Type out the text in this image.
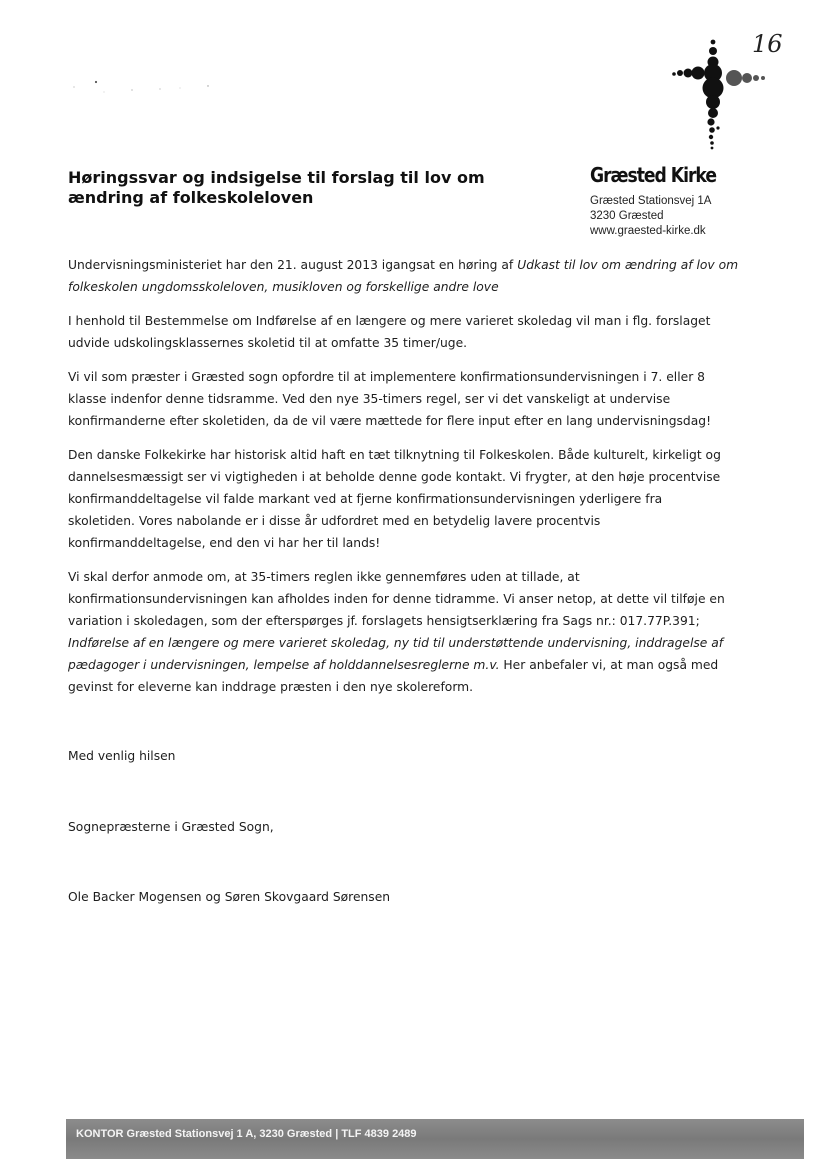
16
Høringssvar og indsigelse til forslag til lov om
ændring af folkeskoleloven
Græsted Kirke
Græsted Stationsvej 1A
3230 Græsted
www.graested-kirke.dk

Undervisningsministeriet har den 21. august 2013 igangsat en høring af Udkast til lov om ændring af lov om
folkeskolen ungdomsskoleloven, musikloven og forskellige andre love

I henhold til Bestemmelse om Indførelse af en længere og mere varieret skoledag vil man i flg. forslaget
udvide udskolingsklassernes skoletid til at omfatte 35 timer/uge.

Vi vil som præster i Græsted sogn opfordre til at implementere konfirmationsundervisningen i 7. eller 8
klasse indenfor denne tidsramme. Ved den nye 35-timers regel, ser vi det vanskeligt at undervise
konfirmanderne efter skoletiden, da de vil være mættede for flere input efter en lang undervisningsdag!

Den danske Folkekirke har historisk altid haft en tæt tilknytning til Folkeskolen. Både kulturelt, kirkeligt og
dannelsesmæssigt ser vi vigtigheden i at beholde denne gode kontakt. Vi frygter, at den høje procentvise
konfirmanddeltagelse vil falde markant ved at fjerne konfirmationsundervisningen yderligere fra
skoletiden. Vores nabolande er i disse år udfordret med en betydelig lavere procentvis
konfirmanddeltagelse, end den vi har her til lands!

Vi skal derfor anmode om, at 35-timers reglen ikke gennemføres uden at tillade, at
konfirmationsundervisningen kan afholdes inden for denne tidramme. Vi anser netop, at dette vil tilføje en
variation i skoledagen, som der efterspørges jf. forslagets hensigtserklæring fra Sags nr.: 017.77P.391;
Indførelse af en længere og mere varieret skoledag, ny tid til understøttende undervisning, inddragelse af
pædagoger i undervisningen, lempelse af holddannelsesreglerne m.v. Her anbefaler vi, at man også med
gevinst for eleverne kan inddrage præsten i den nye skolereform.

Med venlig hilsen
Sognepræsterne i Græsted Sogn,
Ole Backer Mogensen og Søren Skovgaard Sørensen
KONTOR Græsted Stationsvej 1 A, 3230 Græsted | TLF 4839 2489
